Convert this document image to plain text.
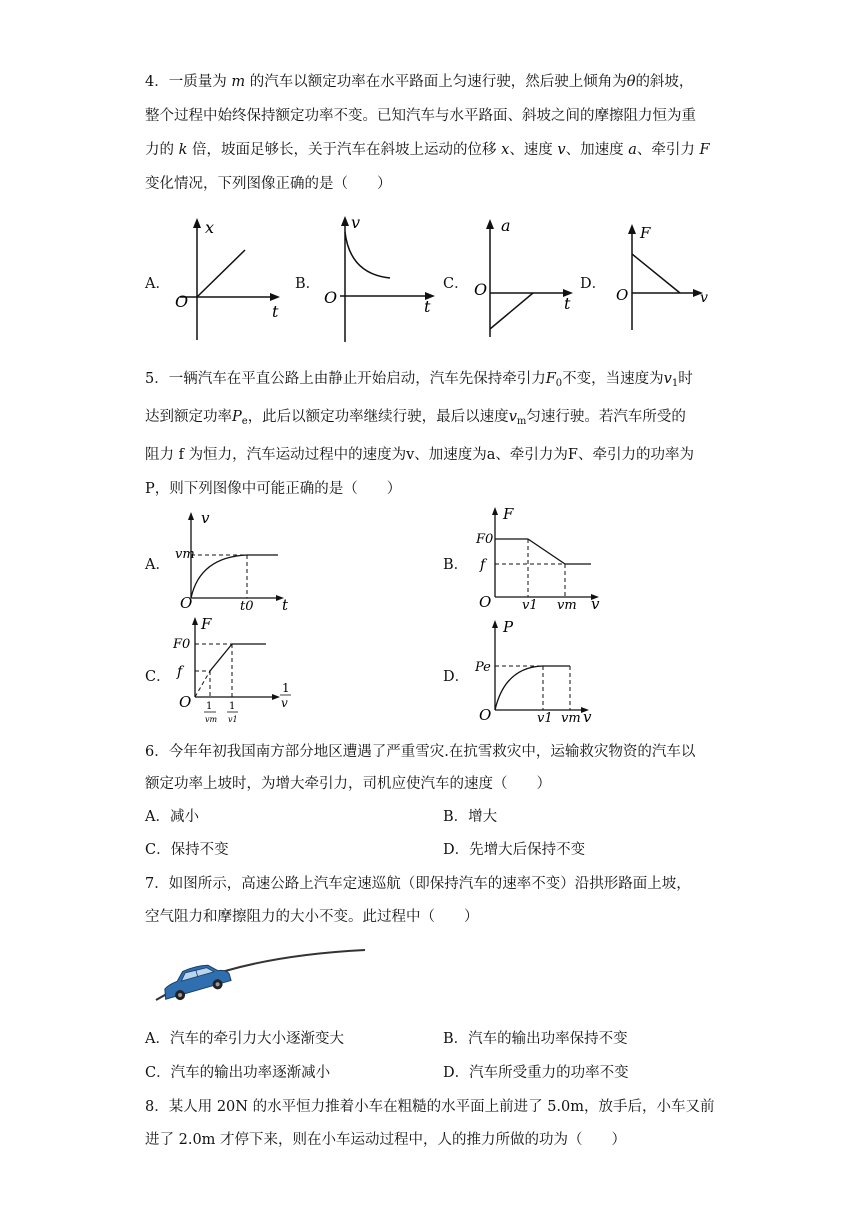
4．一质量为 m 的汽车以额定功率在水平路面上匀速行驶，然后驶上倾角为θ的斜坡，
整个过程中始终保持额定功率不变。已知汽车与水平路面、斜坡之间的摩擦阻力恒为重
力的 k 倍，坡面足够长，关于汽车在斜坡上运动的位移 x、速度 v、加速度 a、牵引力 F
变化情况，下列图像正确的是（　　）
A．
x
t
O
B．
v
t
O
C．
a
t
O	D．
F
v
O
5．一辆汽车在平直公路上由静止开始启动，汽车先保持牵引力$F_0$不变，当速度为$v_1$时
达到额定功率$P_e$，此后以额定功率继续行驶，最后以速度$v_m$匀速行驶。若汽车所受的
阻力 f 为恒力，汽车运动过程中的速度为v、加速度为a、牵引力为F、牵引力的功率为
P，则下列图像中可能正确的是（　　）
A．
v
vm
t0 t
O
B．
F
F0
f
v1 vm v
O
C．
F
F0
f
1
vm
1
v1
1
v
O
D．
P
Pe
v1 vm v
O
6．今年年初我国南方部分地区遭遇了严重雪灾.在抗雪救灾中，运输救灾物资的汽车以
额定功率上坡时，为增大牵引力，司机应使汽车的速度（　　）
A．减小	B．增大
C．保持不变	D．先增大后保持不变
7．如图所示，高速公路上汽车定速巡航（即保持汽车的速率不变）沿拱形路面上坡，
空气阻力和摩擦阻力的大小不变。此过程中（　　）
A．汽车的牵引力大小逐渐变大	B．汽车的输出功率保持不变
C．汽车的输出功率逐渐减小	D．汽车所受重力的功率不变
8．某人用 20N 的水平恒力推着小车在粗糙的水平面上前进了 5.0m，放手后，小车又前
进了 2.0m 才停下来，则在小车运动过程中，人的推力所做的功为（　　）
